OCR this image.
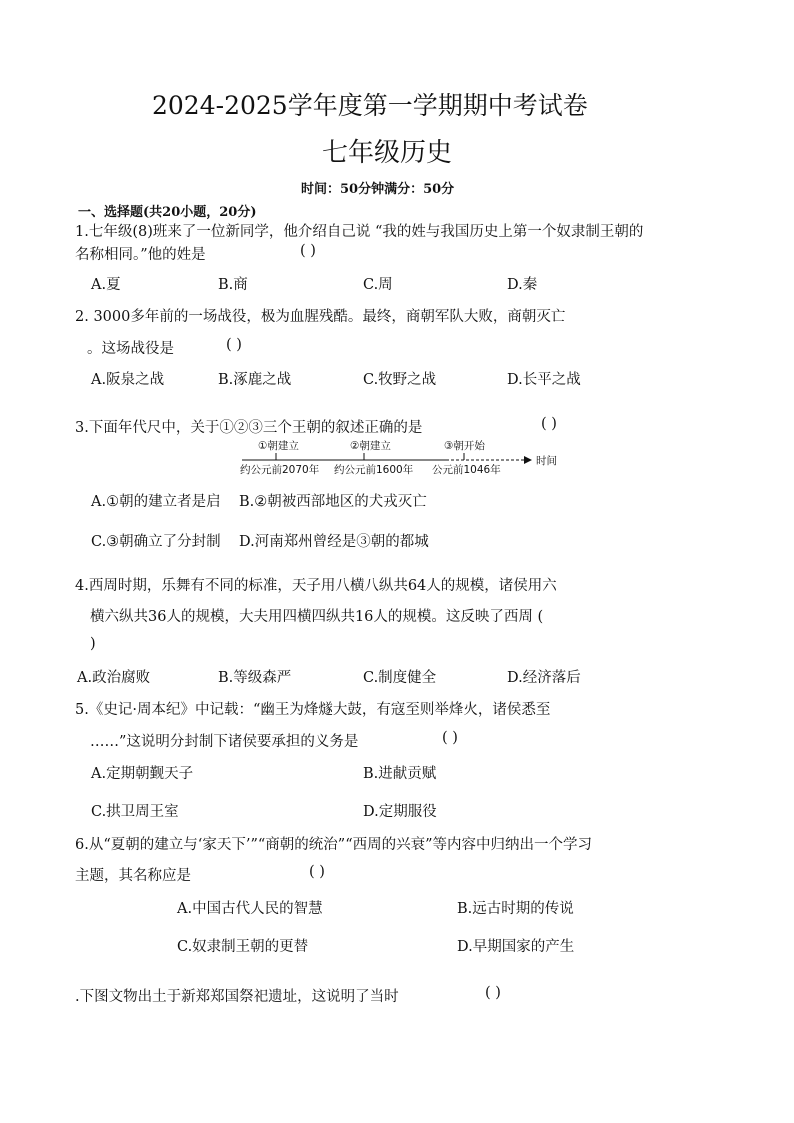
2024-2025学年度第一学期期中考试卷
七年级历史
时间：50分钟满分：50分
一、选择题(共20小题，20分)
1.七年级(8)班来了一位新同学，他介绍自己说 “我的姓与我国历史上第一个奴隶制王朝的
名称相同。”他的姓是	( )
A.夏	B.商	C.周	D.秦
2. 3000多年前的一场战役，极为血腥残酷。最终，商朝军队大败，商朝灭亡
。这场战役是	( )
A.阪泉之战	B.涿鹿之战	C.牧野之战	D.长平之战
3.下面年代尺中，关于①②③三个王朝的叙述正确的是	( )
①朝建立	②朝建立	③朝开始
约公元前2070年 约公元前1600年 公元前1046年
时间
A.①朝的建立者是启 B.②朝被西部地区的犬戎灭亡
C.③朝确立了分封制 D.河南郑州曾经是③朝的都城
4.西周时期，乐舞有不同的标准，天子用八横八纵共64人的规模，诸侯用六
横六纵共36人的规模，大夫用四横四纵共16人的规模。这反映了西周 (
)
A.政治腐败	B.等级森严	C.制度健全	D.经济落后
5.《史记·周本纪》中记载：“幽王为烽燧大鼓，有寇至则举烽火，诸侯悉至
……”这说明分封制下诸侯要承担的义务是	( )
A.定期朝觐天子	B.进献贡赋
C.拱卫周王室	D.定期服役
6.从“夏朝的建立与‘家天下’”“商朝的统治”“西周的兴衰”等内容中归纳出一个学习
主题，其名称应是	( )
A.中国古代人民的智慧	B.远古时期的传说
C.奴隶制王朝的更替	D.早期国家的产生
.下图文物出土于新郑郑国祭祀遗址，这说明了当时	( )
